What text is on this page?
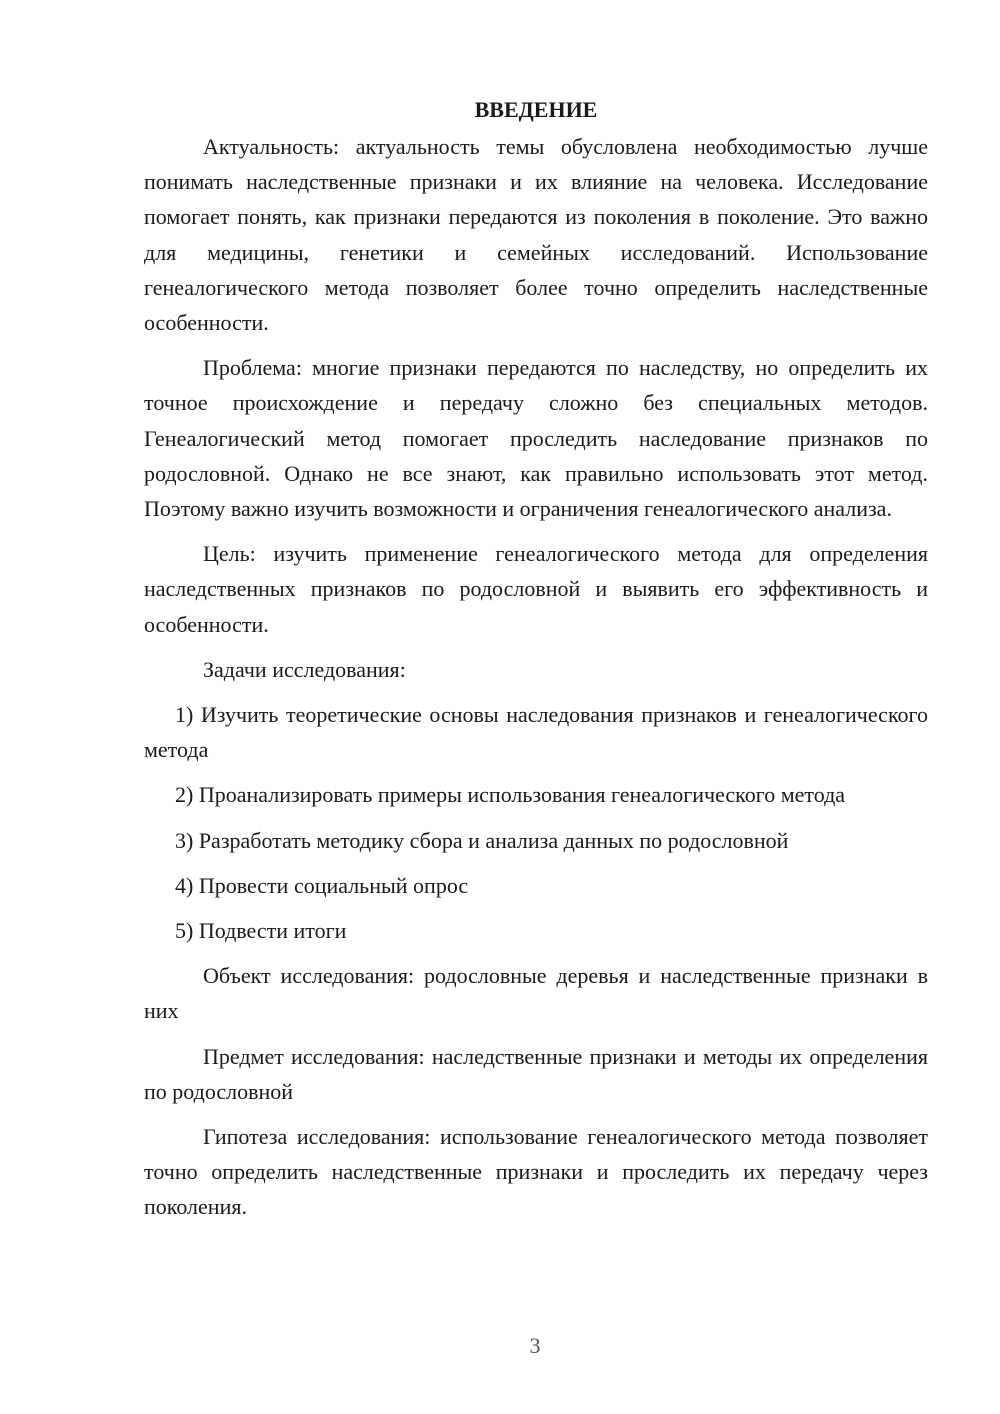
ВВЕДЕНИЕ

Актуальность: актуальность темы обусловлена необходимостью лучше понимать наследственные признаки и их влияние на человека. Исследование помогает понять, как признаки передаются из поколения в поколение. Это важно для медицины, генетики и семейных исследований. Использование генеалогического метода позволяет более точно определить наследственные особенности.

Проблема: многие признаки передаются по наследству, но определить их точное происхождение и передачу сложно без специальных методов. Генеалогический метод помогает проследить наследование признаков по родословной. Однако не все знают, как правильно использовать этот метод. Поэтому важно изучить возможности и ограничения генеалогического анализа.

Цель: изучить применение генеалогического метода для определения наследственных признаков по родословной и выявить его эффективность и особенности.

Задачи исследования:

1) Изучить теоретические основы наследования признаков и генеалогического метода

2) Проанализировать примеры использования генеалогического метода

3) Разработать методику сбора и анализа данных по родословной

4) Провести социальный опрос

5) Подвести итоги

Объект исследования: родословные деревья и наследственные признаки в них

Предмет исследования: наследственные признаки и методы их определения по родословной

Гипотеза исследования: использование генеалогического метода позволяет точно определить наследственные признаки и проследить их передачу через поколения.

3
